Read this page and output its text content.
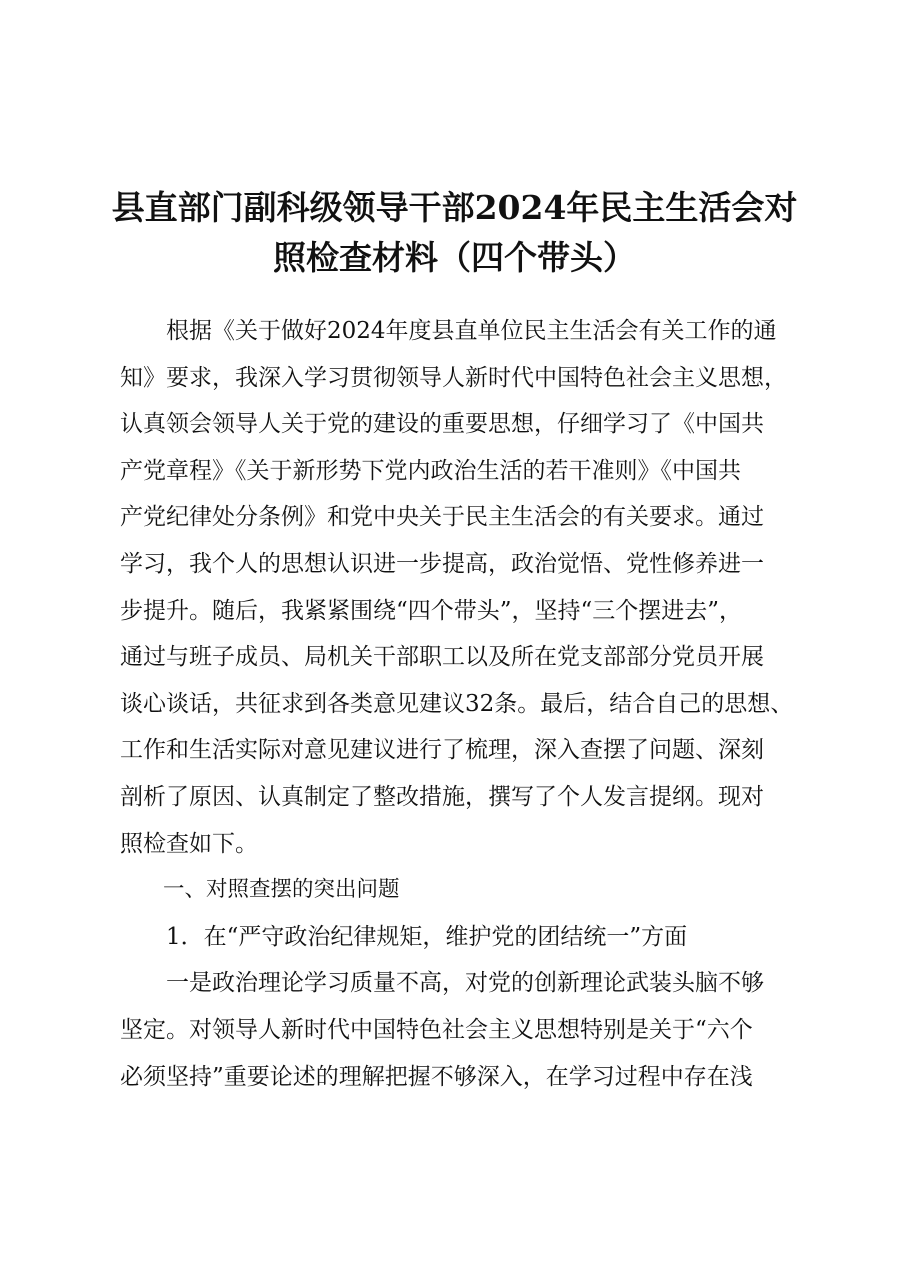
县直部门副科级领导干部2024年民主生活会对
照检查材料（四个带头）
　　根据《关于做好2024年度县直单位民主生活会有关工作的通
知》要求，我深入学习贯彻领导人新时代中国特色社会主义思想，
认真领会领导人关于党的建设的重要思想，仔细学习了《中国共
产党章程》《关于新形势下党内政治生活的若干准则》《中国共
产党纪律处分条例》和党中央关于民主生活会的有关要求。通过
学习，我个人的思想认识进一步提高，政治觉悟、党性修养进一
步提升。随后，我紧紧围绕“四个带头”，坚持“三个摆进去”，
通过与班子成员、局机关干部职工以及所在党支部部分党员开展
谈心谈话，共征求到各类意见建议32条。最后，结合自己的思想、
工作和生活实际对意见建议进行了梳理，深入查摆了问题、深刻
剖析了原因、认真制定了整改措施，撰写了个人发言提纲。现对
照检查如下。
　　一、对照查摆的突出问题
　　1．在“严守政治纪律规矩，维护党的团结统一”方面
　　一是政治理论学习质量不高，对党的创新理论武装头脑不够
坚定。对领导人新时代中国特色社会主义思想特别是关于“六个
必须坚持”重要论述的理解把握不够深入，在学习过程中存在浅
